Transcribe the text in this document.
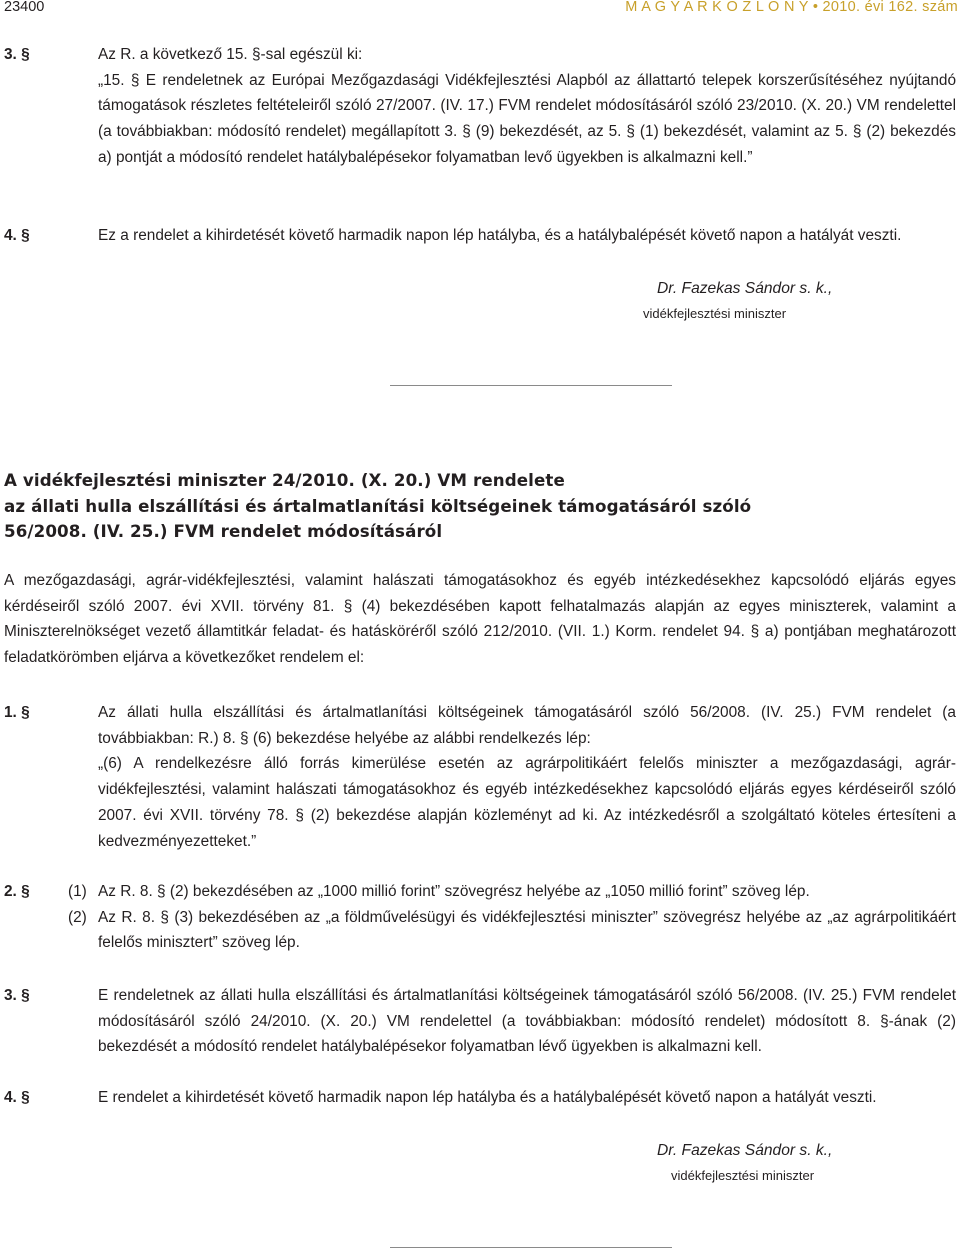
23400	M A G Y A R K Ö Z L Ö N Y • 2010. évi 162. szám
3. §	Az R. a következő 15. §-sal egészül ki:
„15. § E rendeletnek az Európai Mezőgazdasági Vidékfejlesztési Alapból az állattartó telepek korszerűsítéséhez nyújtandó támogatások részletes feltételeiről szóló 27/2007. (IV. 17.) FVM rendelet módosításáról szóló 23/2010. (X. 20.) VM rendelettel (a továbbiakban: módosító rendelet) megállapított 3. § (9) bekezdését, az 5. § (1) bekezdését, valamint az 5. § (2) bekezdés a) pontját a módosító rendelet hatálybalépésekor folyamatban levő ügyekben is alkalmazni kell.”
4. §	Ez a rendelet a kihirdetését követő harmadik napon lép hatályba, és a hatálybalépését követő napon a hatályát veszti.
Dr. Fazekas Sándor s. k.,
vidékfejlesztési miniszter
A vidékfejlesztési miniszter 24/2010. (X. 20.) VM rendelete
az állati hulla elszállítási és ártalmatlanítási költségeinek támogatásáról szóló
56/2008. (IV. 25.) FVM rendelet módosításáról
A mezőgazdasági, agrár-vidékfejlesztési, valamint halászati támogatásokhoz és egyéb intézkedésekhez kapcsolódó eljárás egyes kérdéseiről szóló 2007. évi XVII. törvény 81. § (4) bekezdésében kapott felhatalmazás alapján az egyes miniszterek, valamint a Miniszterelnökséget vezető államtitkár feladat- és hatásköréről szóló 212/2010. (VII. 1.) Korm. rendelet 94. § a) pontjában meghatározott feladatkörömben eljárva a következőket rendelem el:
1. §	Az állati hulla elszállítási és ártalmatlanítási költségeinek támogatásáról szóló 56/2008. (IV. 25.) FVM rendelet (a továbbiakban: R.) 8. § (6) bekezdése helyébe az alábbi rendelkezés lép:
„(6) A rendelkezésre álló forrás kimerülése esetén az agrárpolitikáért felelős miniszter a mezőgazdasági, agrár-vidékfejlesztési, valamint halászati támogatásokhoz és egyéb intézkedésekhez kapcsolódó eljárás egyes kérdéseiről szóló 2007. évi XVII. törvény 78. § (2) bekezdése alapján közleményt ad ki. Az intézkedésről a szolgáltató köteles értesíteni a kedvezményezetteket.”
2. §	(1) Az R. 8. § (2) bekezdésében az „1000 millió forint” szövegrész helyébe az „1050 millió forint” szöveg lép.
(2) Az R. 8. § (3) bekezdésében az „a földművelésügyi és vidékfejlesztési miniszter” szövegrész helyébe az „az agrárpolitikáért felelős minisztert” szöveg lép.
3. §	E rendeletnek az állati hulla elszállítási és ártalmatlanítási költségeinek támogatásáról szóló 56/2008. (IV. 25.) FVM rendelet módosításáról szóló 24/2010. (X. 20.) VM rendelettel (a továbbiakban: módosító rendelet) módosított 8. §-ának (2) bekezdését a módosító rendelet hatálybalépésekor folyamatban lévő ügyekben is alkalmazni kell.
4. §	E rendelet a kihirdetését követő harmadik napon lép hatályba és a hatálybalépését követő napon a hatályát veszti.
Dr. Fazekas Sándor s. k.,
vidékfejlesztési miniszter
